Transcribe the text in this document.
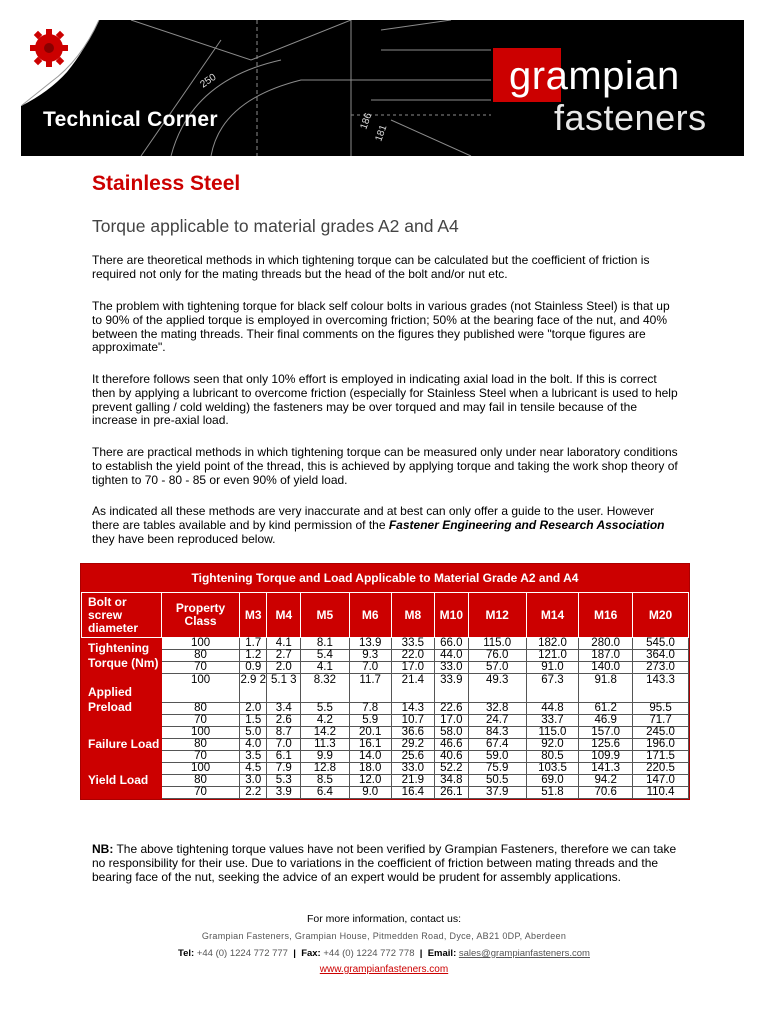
250
186
181
Technical Corner
grampian
fasteners
Stainless Steel
Torque applicable to material grades A2 and A4

There are theoretical methods in which tightening torque can be calculated but the coefficient of friction is required not only for the mating threads but the head of the bolt and/or nut etc.

The problem with tightening torque for black self colour bolts in various grades (not Stainless Steel) is that up to 90% of the applied torque is employed in overcoming friction; 50% at the bearing face of the nut, and 40% between the mating threads. Their final comments on the figures they published were "torque figures are approximate".

It therefore follows seen that only 10% effort is employed in indicating axial load in the bolt. If this is correct then by applying a lubricant to overcome friction (especially for Stainless Steel when a lubricant is used to help prevent galling / cold welding) the fasteners may be over torqued and may fail in tensile because of the increase in pre-axial load.

There are practical methods in which tightening torque can be measured only under near laboratory conditions to establish the yield point of the thread, this is achieved by applying torque and taking the work shop theory of tighten to 70 - 80 - 85 or even 90% of yield load.

As indicated all these methods are very inaccurate and at best can only offer a guide to the user. However there are tables available and by kind permission of the Fastener Engineering and Research Association they have been reproduced below.

Tightening Torque and Load Applicable to Material Grade A2 and A4
Bolt or screw diameter	Property Class	M3	M4	M5	M6	M8	M10	M12	M14	M16	M20
Tightening Torque (Nm)	100	1.7	4.1	8.1	13.9	33.5	66.0	115.0	182.0	280.0	545.0
	80	1.2	2.7	5.4	9.3	22.0	44.0	76.0	121.0	187.0	364.0
	70	0.9	2.0	4.1	7.0	17.0	33.0	57.0	91.0	140.0	273.0
Applied Preload	100	2.9 2	5.1 3	8.32	11.7	21.4	33.9	49.3	67.3	91.8	143.3
	80	2.0	3.4	5.5	7.8	14.3	22.6	32.8	44.8	61.2	95.5
	70	1.5	2.6	4.2	5.9	10.7	17.0	24.7	33.7	46.9	71.7
Failure Load	100	5.0	8.7	14.2	20.1	36.6	58.0	84.3	115.0	157.0	245.0
	80	4.0	7.0	11.3	16.1	29.2	46.6	67.4	92.0	125.6	196.0
	70	3.5	6.1	9.9	14.0	25.6	40.6	59.0	80.5	109.9	171.5
Yield Load	100	4.5	7.9	12.8	18.0	33.0	52.2	75.9	103.5	141.3	220.5
	80	3.0	5.3	8.5	12.0	21.9	34.8	50.5	69.0	94.2	147.0
	70	2.2	3.9	6.4	9.0	16.4	26.1	37.9	51.8	70.6	110.4

NB: The above tightening torque values have not been verified by Grampian Fasteners, therefore we can take no responsibility for their use. Due to variations in the coefficient of friction between mating threads and the bearing face of the nut, seeking the advice of an expert would be prudent for assembly applications.

For more information, contact us:
Grampian Fasteners, Grampian House, Pitmedden Road, Dyce, AB21 0DP, Aberdeen
Tel: +44 (0) 1224 772 777  |  Fax: +44 (0) 1224 772 778  |  Email: sales@grampianfasteners.com
www.grampianfasteners.com
